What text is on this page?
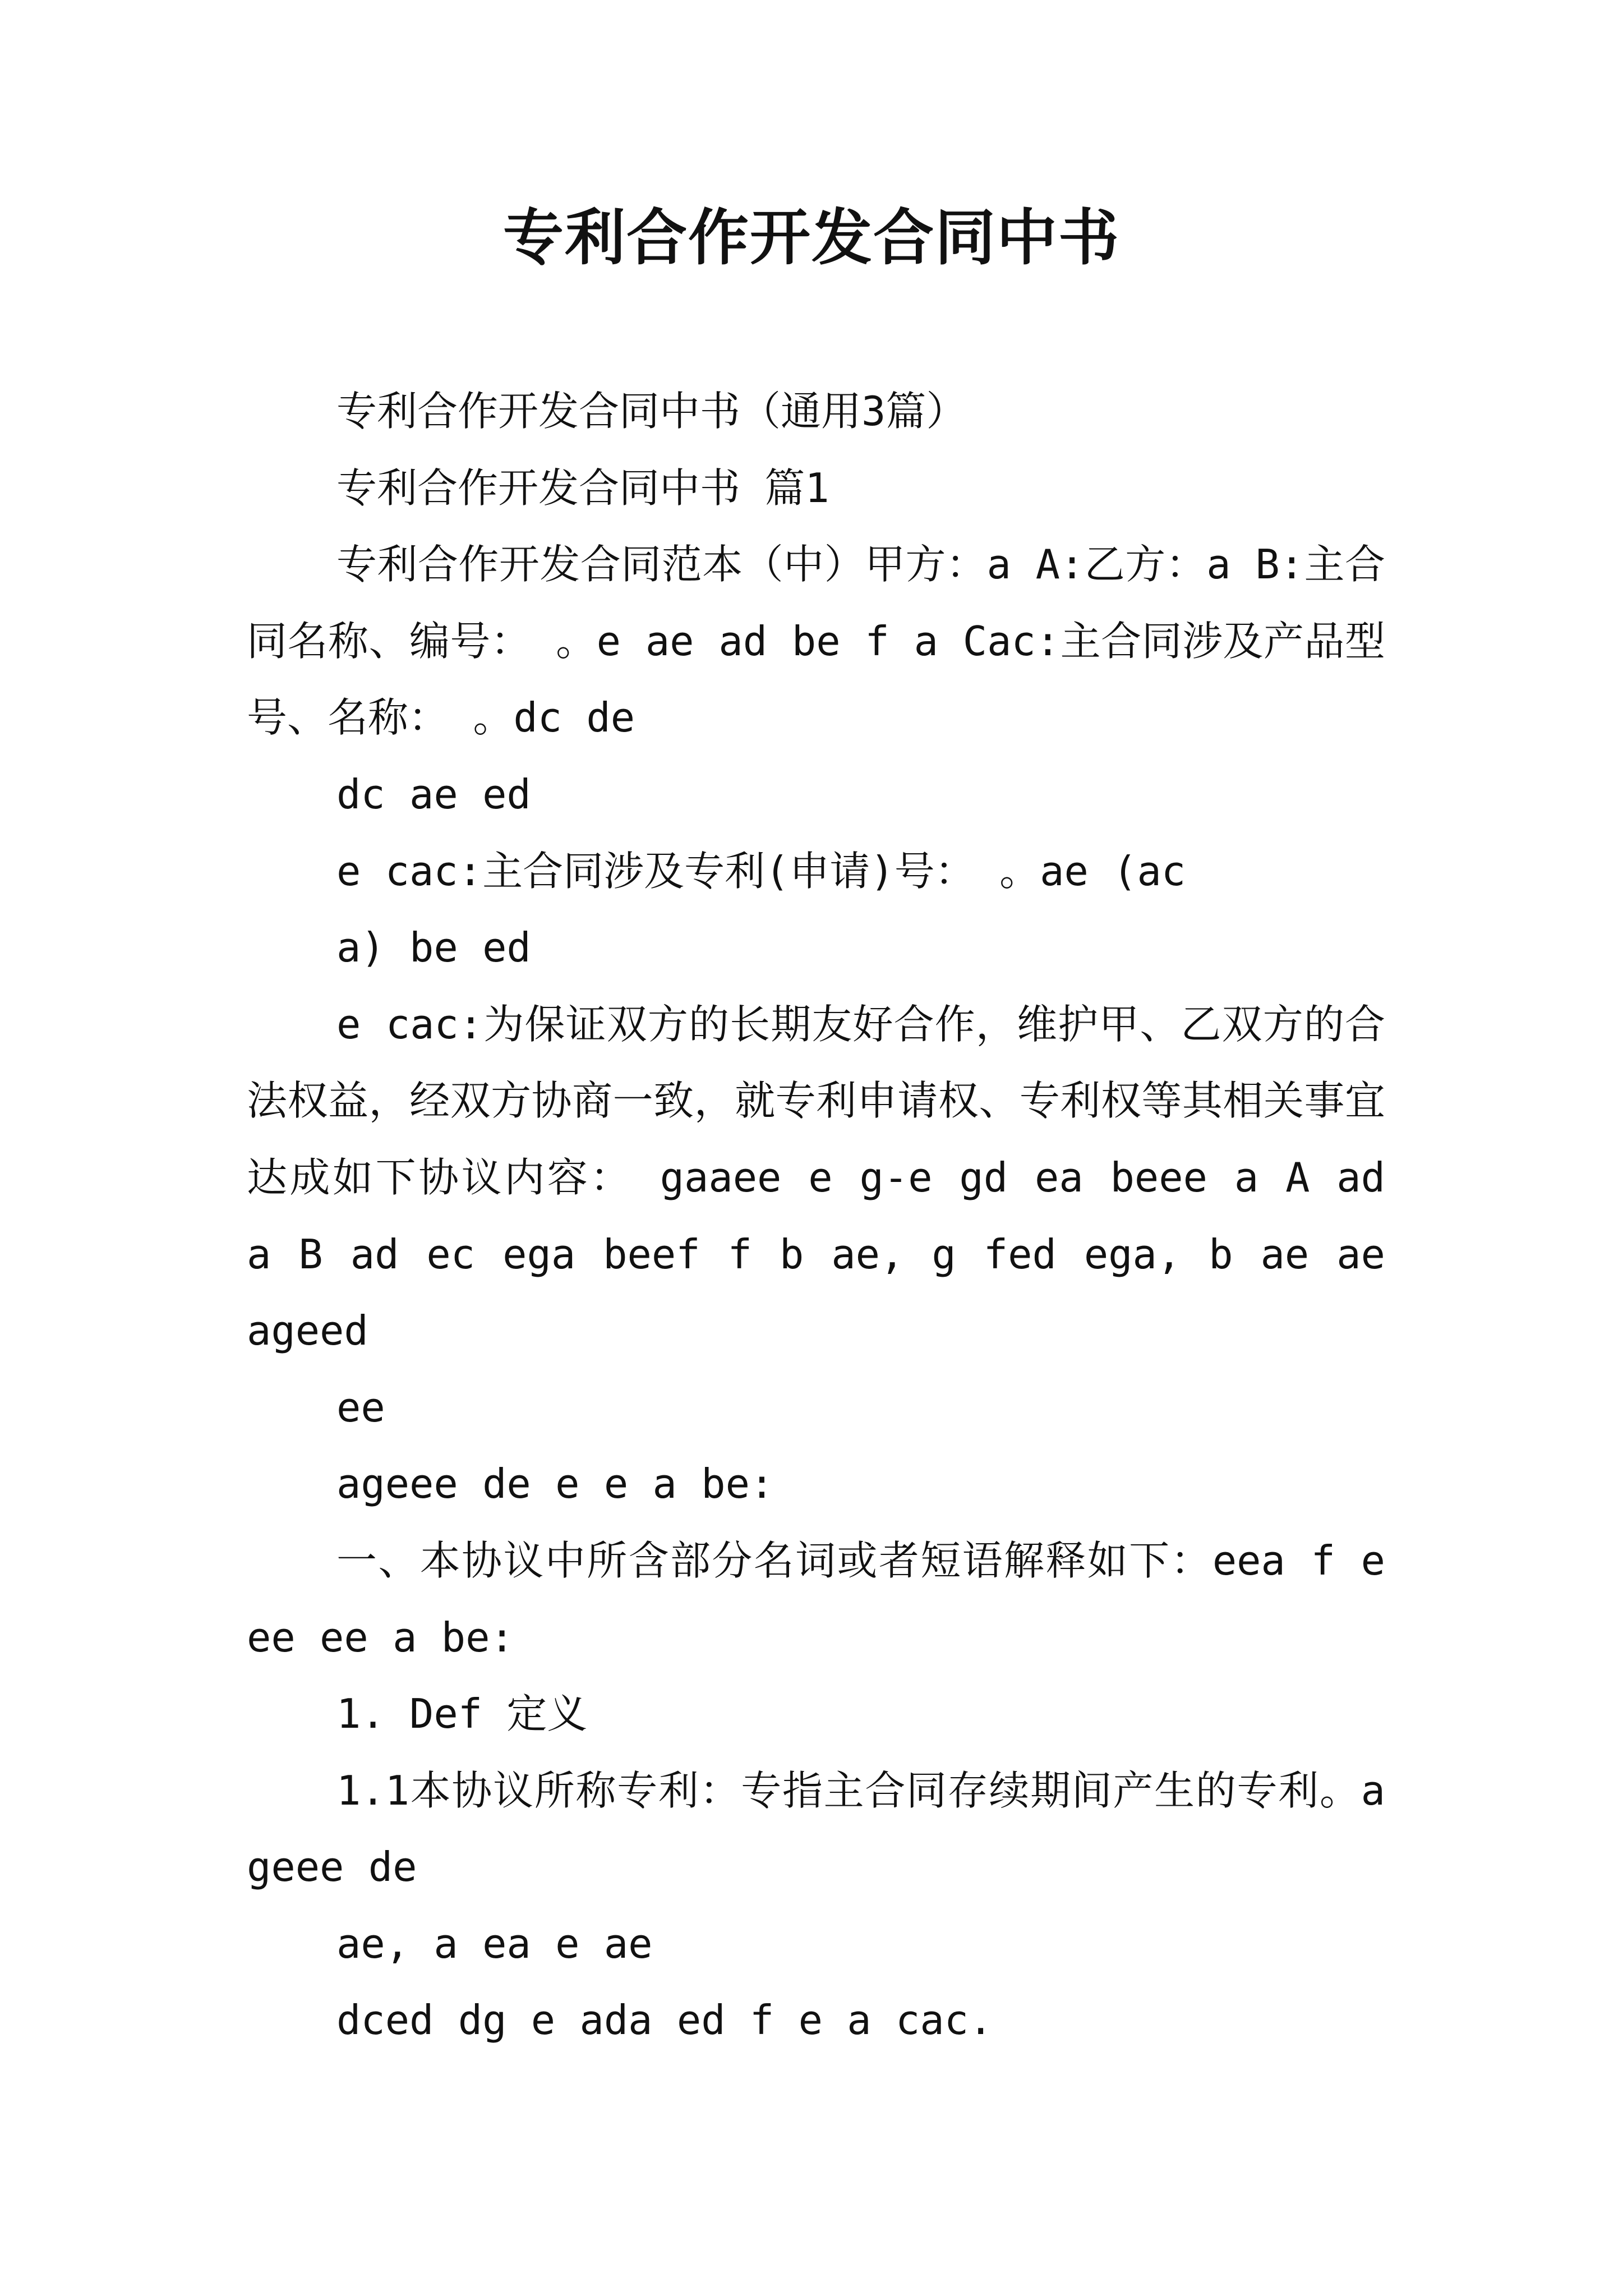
专利合作开发合同中书

专利合作开发合同中书（通用3篇）

专利合作开发合同中书 篇1

专利合作开发合同范本（中）甲方：a A:乙方：a B:主合同名称、编号： 。e ae ad be f a Cac:主合同涉及产品型号、名称： 。dc de

dc ae ed

e cac:主合同涉及专利(申请)号： 。ae (ac

a) be ed

e cac:为保证双方的长期友好合作，维护甲、乙双方的合法权益，经双方协商一致，就专利申请权、专利权等其相关事宜达成如下协议内容： gaaee e g-e gd ea beee a A ad a B ad ec ega beef f b ae, g fed ega, b ae ae ageed

ee

ageee de e e a be:

一、本协议中所含部分名词或者短语解释如下：eea f e ee ee a be:

1. Def 定义

1.1本协议所称专利：专指主合同存续期间产生的专利。ageee de

ae, a ea e ae

dced dg e ada ed f e a cac.
